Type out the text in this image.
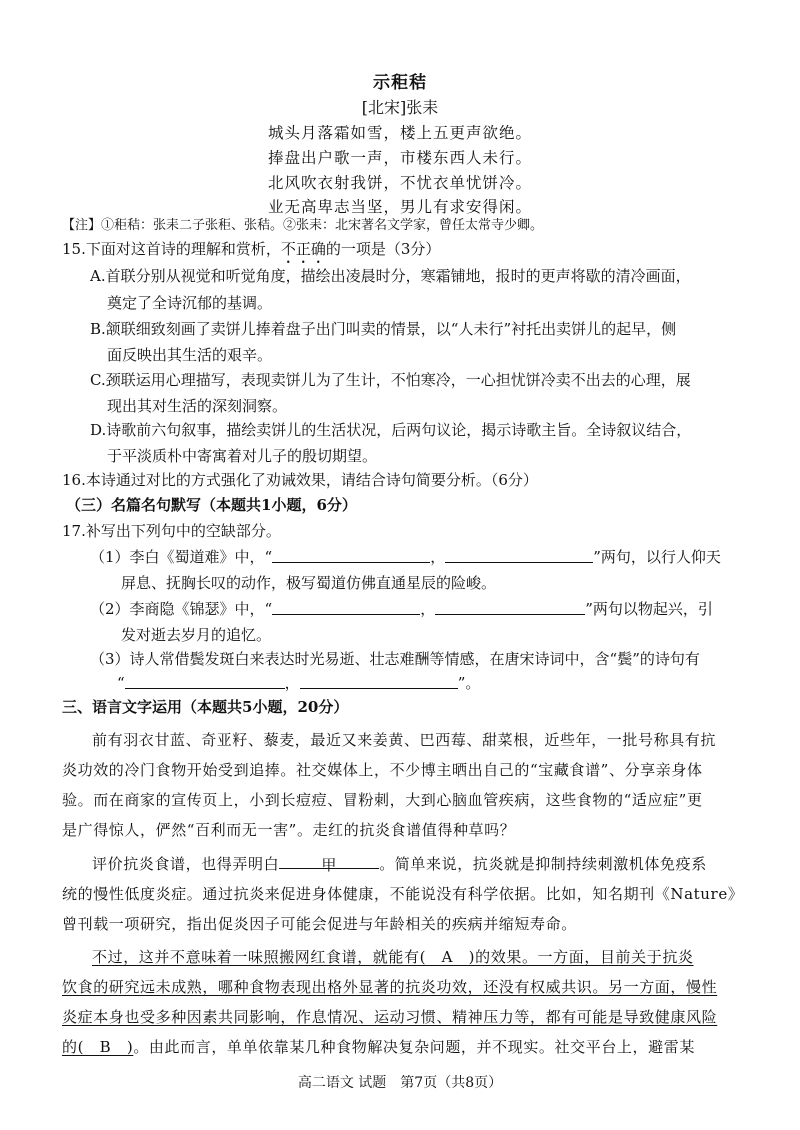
示秬秸
[北宋]张耒
城头月落霜如雪，楼上五更声欲绝。
捧盘出户歌一声，市楼东西人未行。
北风吹衣射我饼，不忧衣单忧饼冷。
业无高卑志当坚，男儿有求安得闲。
【注】①秬秸：张耒二子张秬、张秸。②张耒：北宋著名文学家，曾任太常寺少卿。
15.下面对这首诗的理解和赏析，不正确的一项是（3分）
A.首联分别从视觉和听觉角度，描绘出凌晨时分，寒霜铺地，报时的更声将歇的清冷画面，
奠定了全诗沉郁的基调。
B.颔联细致刻画了卖饼儿捧着盘子出门叫卖的情景，以“人未行”衬托出卖饼儿的起早，侧
面反映出其生活的艰辛。
C.颈联运用心理描写，表现卖饼儿为了生计，不怕寒冷，一心担忧饼冷卖不出去的心理，展
现出其对生活的深刻洞察。
D.诗歌前六句叙事，描绘卖饼儿的生活状况，后两句议论，揭示诗歌主旨。全诗叙议结合，
于平淡质朴中寄寓着对儿子的殷切期望。
16.本诗通过对比的方式强化了劝诫效果，请结合诗句简要分析。（6分）
（三）名篇名句默写（本题共1小题，6分）
17.补写出下列句中的空缺部分。
（1）李白《蜀道难》中，“	，	”两句，以行人仰天
屏息、抚胸长叹的动作，极写蜀道仿佛直通星辰的险峻。
（2）李商隐《锦瑟》中，“	，	”两句以物起兴，引
发对逝去岁月的追忆。
（3）诗人常借鬓发斑白来表达时光易逝、壮志难酬等情感，在唐宋诗词中，含“鬓”的诗句有
“	，	”。
三、语言文字运用（本题共5小题，20分）
前有羽衣甘蓝、奇亚籽、藜麦，最近又来姜黄、巴西莓、甜菜根，近些年，一批号称具有抗
炎功效的冷门食物开始受到追捧。社交媒体上，不少博主晒出自己的“宝藏食谱”、分享亲身体
验。而在商家的宣传页上，小到长痘痘、冒粉刺，大到心脑血管疾病，这些食物的“适应症”更
是广得惊人，俨然“百利而无一害”。走红的抗炎食谱值得种草吗？
评价抗炎食谱，也得弄明白	甲	。简单来说，抗炎就是抑制持续刺激机体免疫系
统的慢性低度炎症。通过抗炎来促进身体健康，不能说没有科学依据。比如，知名期刊《Nature》
曾刊载一项研究，指出促炎因子可能会促进与年龄相关的疾病并缩短寿命。
不过，这并不意味着一味照搬网红食谱，就能有(　A　)的效果。一方面，目前关于抗炎
饮食的研究远未成熟，哪种食物表现出格外显著的抗炎功效，还没有权威共识。另一方面，慢性
炎症本身也受多种因素共同影响，作息情况、运动习惯、精神压力等，都有可能是导致健康风险
的(　B　)。由此而言，单单依靠某几种食物解决复杂问题，并不现实。社交平台上，避雷某
高二语文 试题　第7页（共8页）
